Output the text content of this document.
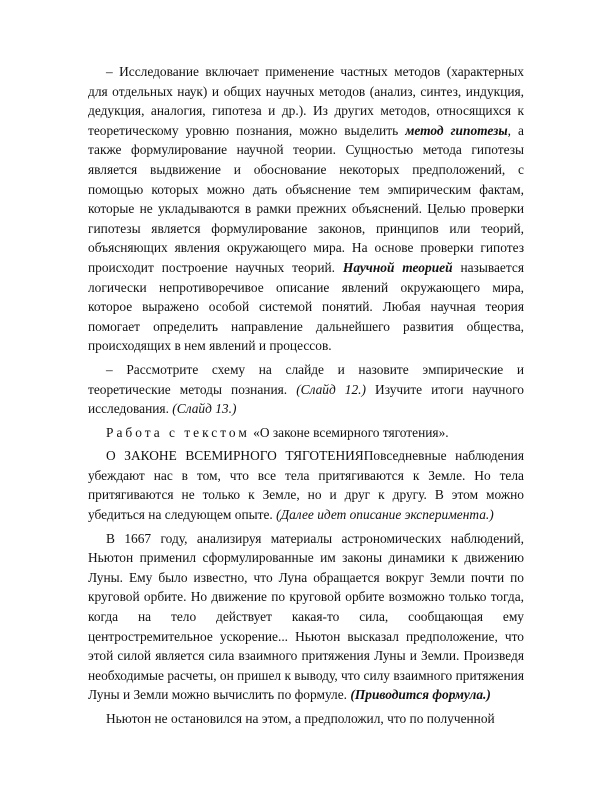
– Исследование включает применение частных методов (характерных для отдельных наук) и общих научных методов (анализ, синтез, индукция, дедукция, аналогия, гипотеза и др.). Из других методов, относящихся к теоретическому уровню познания, можно выделить метод гипотезы, а также формулирование научной теории. Сущностью метода гипотезы является выдвижение и обоснование некоторых предположений, с помощью которых можно дать объяснение тем эмпирическим фактам, которые не укладываются в рамки прежних объяснений. Целью проверки гипотезы является формулирование законов, принципов или теорий, объясняющих явления окружающего мира. На основе проверки гипотез происходит построение научных теорий. Научной теорией называется логически непротиворечивое описание явлений окружающего мира, которое выражено особой системой понятий. Любая научная теория помогает определить направление дальнейшего развития общества, происходящих в нем явлений и процессов.

– Рассмотрите схему на слайде и назовите эмпирические и теоретические методы познания. (Слайд 12.) Изучите итоги научного исследования. (Слайд 13.)

Работа с текстом «О законе всемирного тяготения».

О ЗАКОНЕ ВСЕМИРНОГО ТЯГОТЕНИЯПовседневные наблюдения убеждают нас в том, что все тела притягиваются к Земле. Но тела притягиваются не только к Земле, но и друг к другу. В этом можно убедиться на следующем опыте. (Далее идет описание эксперимента.)

В 1667 году, анализируя материалы астрономических наблюдений, Ньютон применил сформулированные им законы динамики к движению Луны. Ему было известно, что Луна обращается вокруг Земли почти по круговой орбите. Но движение по круговой орбите возможно только тогда, когда на тело действует какая-то сила, сообщающая ему центростремительное ускорение... Ньютон высказал предположение, что этой силой является сила взаимного притяжения Луны и Земли. Произведя необходимые расчеты, он пришел к выводу, что силу взаимного притяжения Луны и Земли можно вычислить по формуле. (Приводится формула.)

Ньютон не остановился на этом, а предположил, что по полученной
